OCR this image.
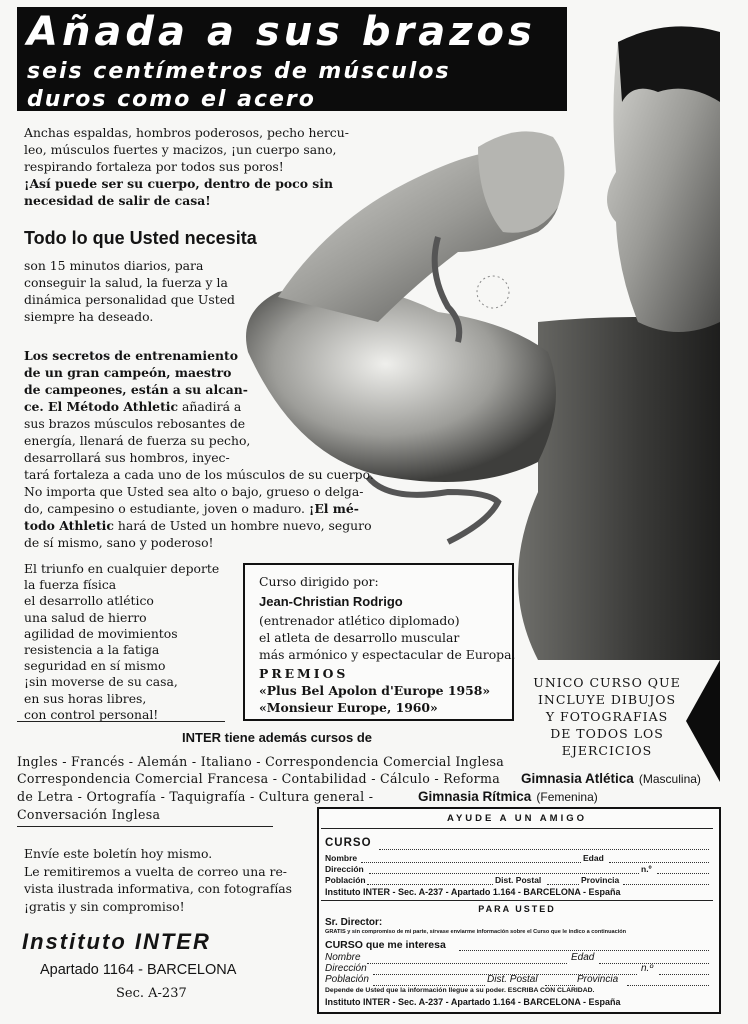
Añada a sus brazos
seis centímetros de músculos
duros como el acero
Anchas espaldas, hombros poderosos, pecho hercu-
leo, músculos fuertes y macizos, ¡un cuerpo sano,
respirando fortaleza por todos sus poros!
¡Así puede ser su cuerpo, dentro de poco sin
necesidad de salir de casa!
Todo lo que Usted necesita
son 15 minutos diarios, para
conseguir la salud, la fuerza y la
dinámica personalidad que Usted
siempre ha deseado.
Los secretos de entrenamiento
de un gran campeón, maestro
de campeones, están a su alcan-
ce. El Método Athletic añadirá a
sus brazos músculos rebosantes de
energía, llenará de fuerza su pecho,
desarrollará sus hombros, inyec-
tará fortaleza a cada uno de los músculos de su cuerpo.
No importa que Usted sea alto o bajo, grueso o delga-
do, campesino o estudiante, joven o maduro. ¡El mé-
todo Athletic hará de Usted un hombre nuevo, seguro
de sí mismo, sano y poderoso!
El triunfo en cualquier deporte
la fuerza física
el desarrollo atlético
una salud de hierro
agilidad de movimientos
resistencia a la fatiga
seguridad en sí mismo
¡sin moverse de su casa,
en sus horas libres,
con control personal!
Curso dirigido por:
Jean-Christian Rodrigo
(entrenador atlético diplomado)
el atleta de desarrollo muscular
más armónico y espectacular de Europa.
PREMIOS
«Plus Bel Apolon d'Europe 1958»
«Monsieur Europe, 1960»
UNICO CURSO QUE
INCLUYE DIBUJOS
Y FOTOGRAFIAS
DE TODOS LOS
EJERCICIOS
INTER tiene además cursos de
Ingles - Francés - Alemán - Italiano - Correspondencia Comercial Inglesa
Correspondencia Comercial Francesa - Contabilidad - Cálculo - Reforma Gimnasia Atlética (Masculina)
de Letra - Ortografía - Taquigrafía - Cultura general -	Gimnasia Rítmica (Femenina)
Conversación Inglesa
Envíe este boletín hoy mismo.
Le remitiremos a vuelta de correo una re-
vista ilustrada informativa, con fotografías
¡gratis y sin compromiso!
Instituto INTER
Apartado 1164 - BARCELONA
Sec. A-237
AYUDE A UN AMIGO
CURSO
Nombre	Edad
Dirección	n.º
Población	Dist. Postal	Provincia
Instituto INTER - Sec. A-237 - Apartado 1.164 - BARCELONA - España
PARA USTED
Sr. Director:
GRATIS y sin compromiso de mi parte, sírvase enviarme información sobre el Curso que le indico a continuación
CURSO que me interesa
Nombre	Edad
Dirección	n.º
Población	Dist. Postal	Provincia
Depende de Usted que la información llegue a su poder. ESCRIBA CON CLARIDAD.
Instituto INTER - Sec. A-237 - Apartado 1.164 - BARCELONA - España
